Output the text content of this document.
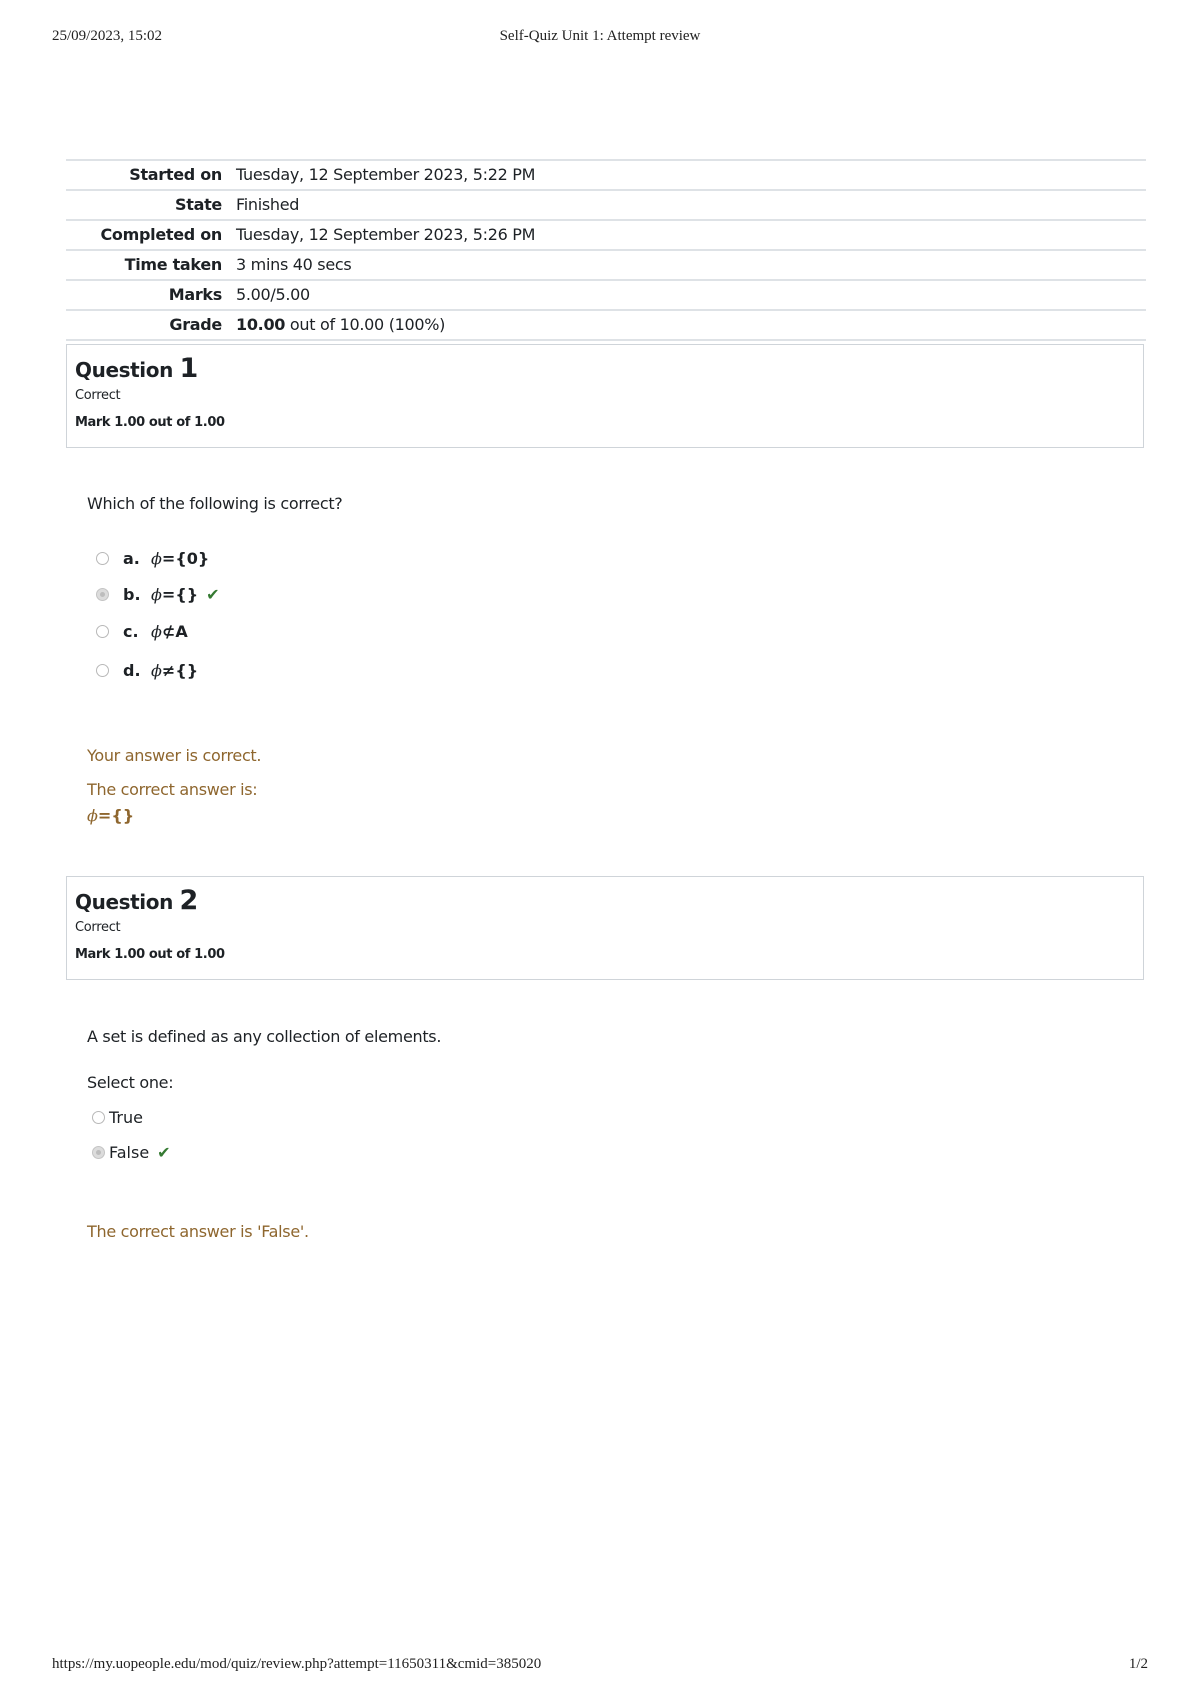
25/09/2023, 15:02	Self-Quiz Unit 1: Attempt review
Started on	Tuesday, 12 September 2023, 5:22 PM
State	Finished
Completed on	Tuesday, 12 September 2023, 5:26 PM
Time taken	3 mins 40 secs
Marks	5.00/5.00
Grade	10.00 out of 10.00 (100%)
Question 1
Correct
Mark 1.00 out of 1.00
Which of the following is correct?
a. ϕ ={0}
b. ϕ ={} ✔
c. ϕ ⊄A
d. ϕ ≠{}
Your answer is correct.
The correct answer is:
ϕ={}
Question 2
Correct
Mark 1.00 out of 1.00
A set is defined as any collection of elements.
Select one:
True
False ✔
The correct answer is 'False'.
https://my.uopeople.edu/mod/quiz/review.php?attempt=11650311&cmid=385020	1/2
